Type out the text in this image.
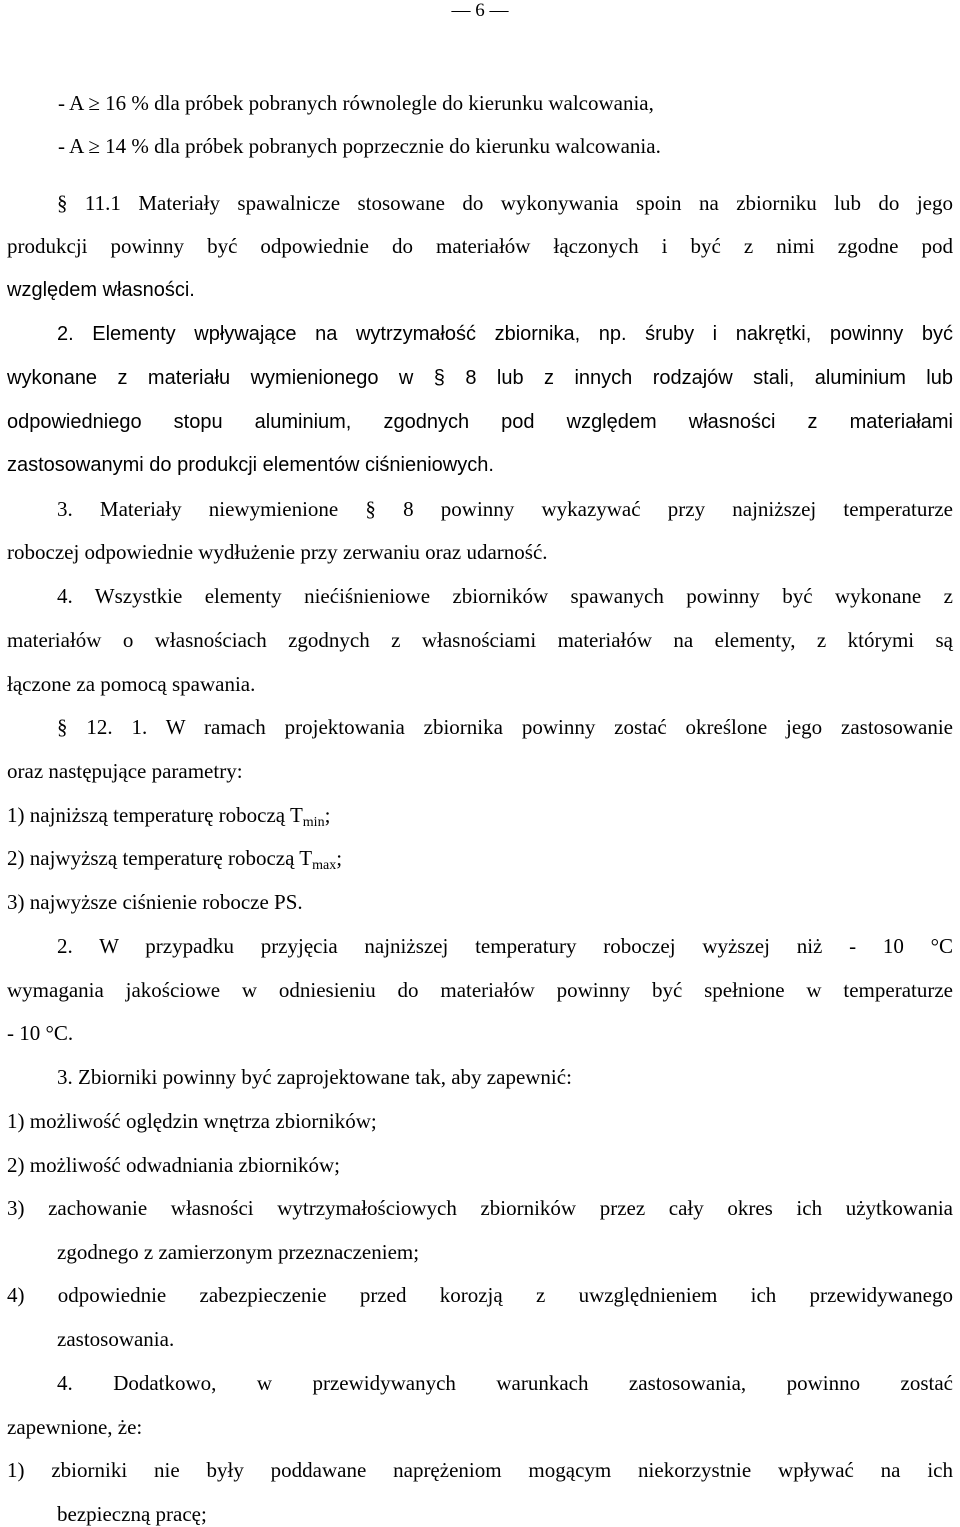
— 6 —
- A ≥ 16 % dla próbek pobranych równolegle do kierunku walcowania,
- A ≥ 14 % dla próbek pobranych poprzecznie do kierunku walcowania.
§ 11.1 Materiały spawalnicze stosowane do wykonywania spoin na zbiorniku lub do jego
produkcji powinny być odpowiednie do materiałów łączonych i być z nimi zgodne pod
względem własności.
2. Elementy wpływające na wytrzymałość zbiornika, np. śruby i nakrętki, powinny być
wykonane z materiału wymienionego w § 8 lub z innych rodzajów stali, aluminium lub
odpowiedniego stopu aluminium, zgodnych pod względem własności z materiałami
zastosowanymi do produkcji elementów ciśnieniowych.
3. Materiały niewymienione § 8 powinny wykazywać przy najniższej temperaturze
roboczej odpowiednie wydłużenie przy zerwaniu oraz udarność.
4. Wszystkie elementy niećiśnieniowe zbiorników spawanych powinny być wykonane z
materiałów o własnościach zgodnych z własnościami materiałów na elementy, z którymi są
łączone za pomocą spawania.
§ 12. 1. W ramach projektowania zbiornika powinny zostać określone jego zastosowanie
oraz następujące parametry:
1) najniższą temperaturę roboczą $T_{min}$;
2) najwyższą temperaturę roboczą $T_{max}$;
3) najwyższe ciśnienie robocze PS.
2. W przypadku przyjęcia najniższej temperatury roboczej wyższej niż - 10 °C
wymagania jakościowe w odniesieniu do materiałów powinny być spełnione w temperaturze
- 10 °C.
3. Zbiorniki powinny być zaprojektowane tak, aby zapewnić:
1) możliwość oględzin wnętrza zbiorników;
2) możliwość odwadniania zbiorników;
3) zachowanie własności wytrzymałościowych zbiorników przez cały okres ich użytkowania
zgodnego z zamierzonym przeznaczeniem;
4) odpowiednie zabezpieczenie przed korozją z uwzględnieniem ich przewidywanego
zastosowania.
4. Dodatkowo, w przewidywanych warunkach zastosowania, powinno zostać
zapewnione, że:
1) zbiorniki nie były poddawane naprężeniom mogącym niekorzystnie wpływać na ich
bezpieczną pracę;
